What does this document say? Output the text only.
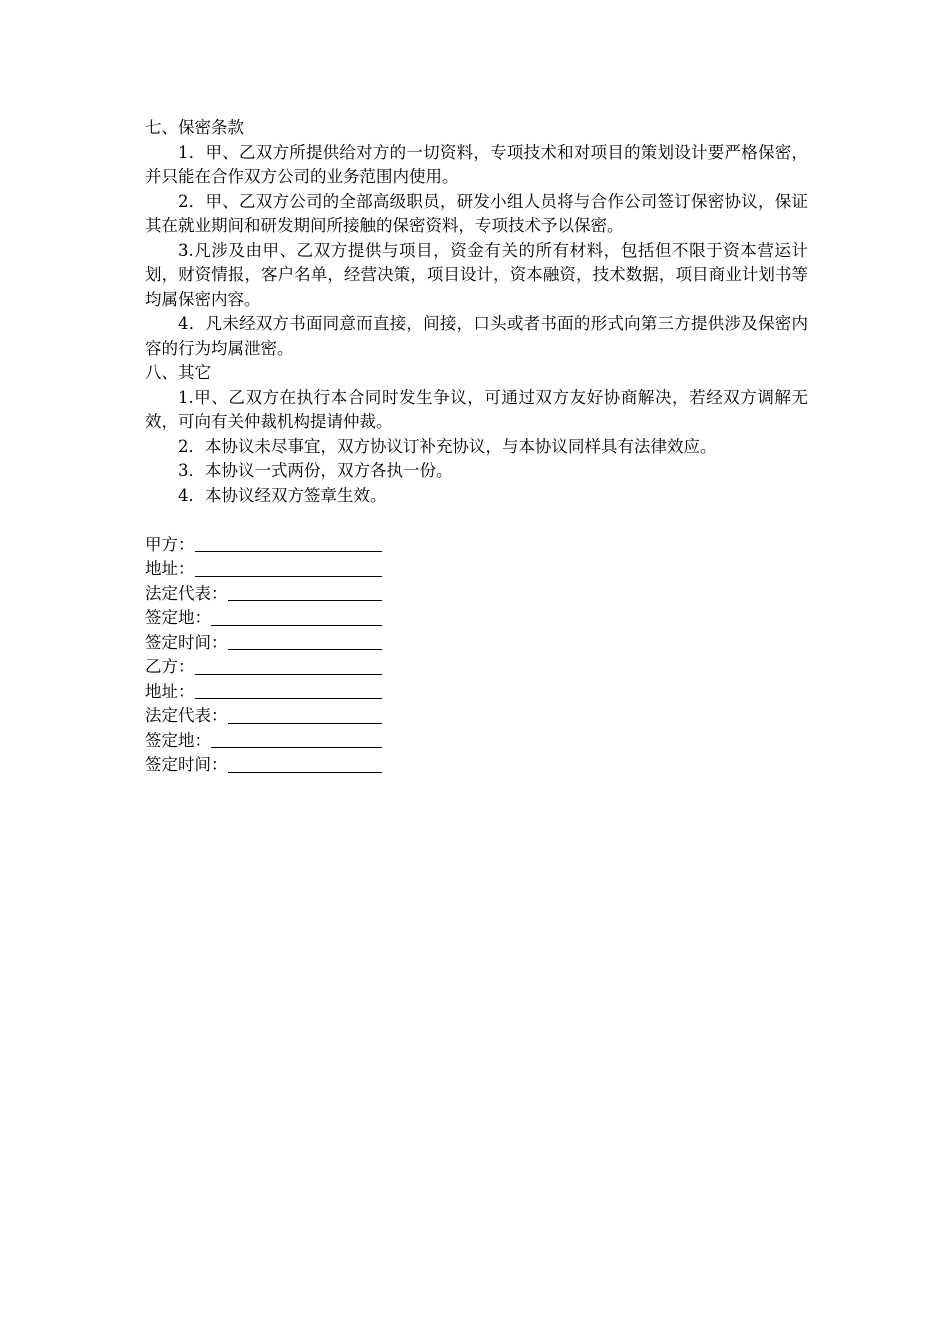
七、保密条款

1．甲、乙双方所提供给对方的一切资料，专项技术和对项目的策划设计要严格保密，并只能在合作双方公司的业务范围内使用。

2．甲、乙双方公司的全部高级职员，研发小组人员将与合作公司签订保密协议，保证其在就业期间和研发期间所接触的保密资料，专项技术予以保密。

3.凡涉及由甲、乙双方提供与项目，资金有关的所有材料，包括但不限于资本营运计划，财资情报，客户名单，经营决策，项目设计，资本融资，技术数据，项目商业计划书等均属保密内容。

4．凡未经双方书面同意而直接，间接，口头或者书面的形式向第三方提供涉及保密内容的行为均属泄密。

八、其它

1.甲、乙双方在执行本合同时发生争议，可通过双方友好协商解决，若经双方调解无效，可向有关仲裁机构提请仲裁。

2．本协议未尽事宜，双方协议订补充协议，与本协议同样具有法律效应。

3．本协议一式两份，双方各执一份。

4．本协议经双方签章生效。

甲方：
地址：
法定代表：
签定地：
签定时间：
乙方：
地址：
法定代表：
签定地：
签定时间：
